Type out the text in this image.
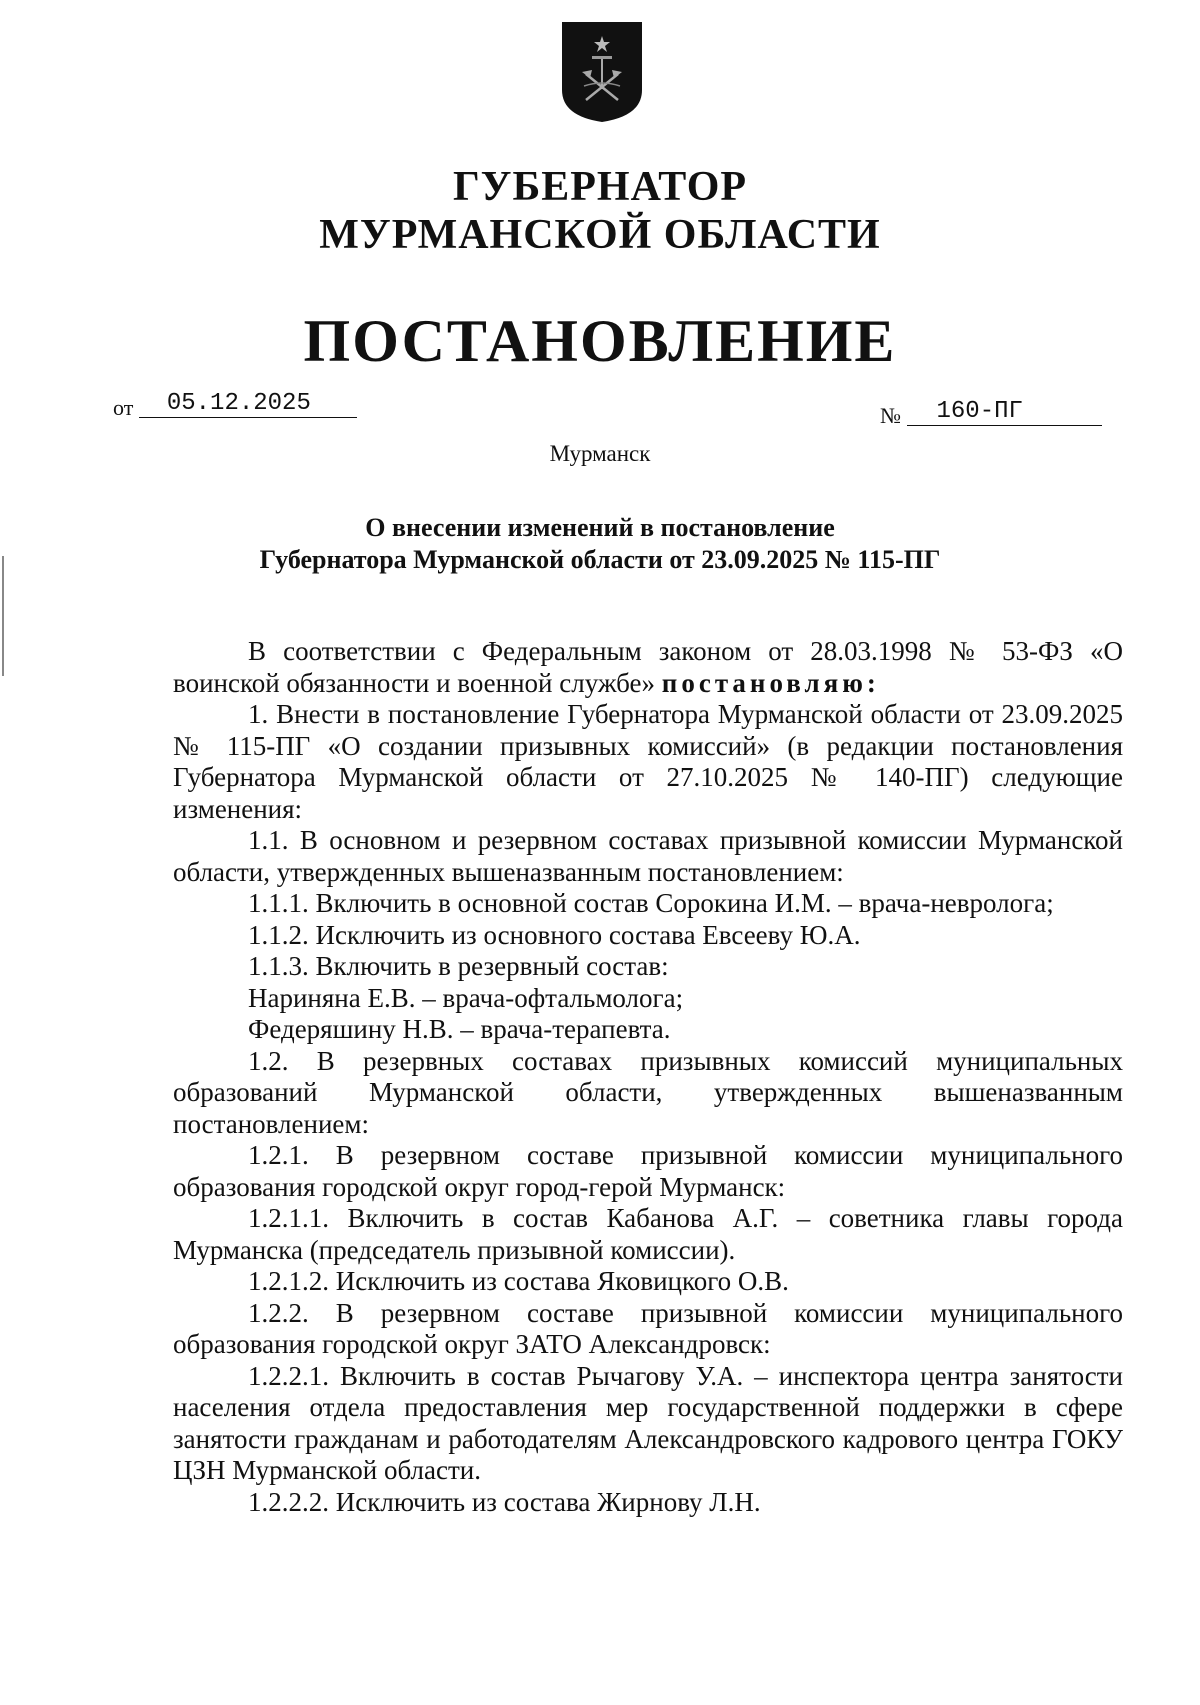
ГУБЕРНАТОР
МУРМАНСКОЙ ОБЛАСТИ
ПОСТАНОВЛЕНИЕ
от 05.12.2025	№ 160-ПГ
Мурманск
О внесении изменений в постановление
Губернатора Мурманской области от 23.09.2025 № 115-ПГ

В соответствии с Федеральным законом от 28.03.1998 № 53-ФЗ «О воинской обязанности и военной службе» постановляю:

1. Внести в постановление Губернатора Мурманской области от 23.09.2025 № 115-ПГ «О создании призывных комиссий» (в редакции постановления Губернатора Мурманской области от 27.10.2025 № 140-ПГ) следующие изменения:

1.1. В основном и резервном составах призывной комиссии Мурманской области, утвержденных вышеназванным постановлением:

1.1.1. Включить в основной состав Сорокина И.М. – врача-невролога;

1.1.2. Исключить из основного состава Евсееву Ю.А.

1.1.3. Включить в резервный состав:

Нариняна Е.В. – врача-офтальмолога;

Федеряшину Н.В. – врача-терапевта.

1.2. В резервных составах призывных комиссий муниципальных образований Мурманской области, утвержденных вышеназванным постановлением:

1.2.1. В резервном составе призывной комиссии муниципального образования городской округ город-герой Мурманск:

1.2.1.1. Включить в состав Кабанова А.Г. – советника главы города Мурманска (председатель призывной комиссии).

1.2.1.2. Исключить из состава Яковицкого О.В.

1.2.2. В резервном составе призывной комиссии муниципального образования городской округ ЗАТО Александровск:

1.2.2.1. Включить в состав Рычагову У.А. – инспектора центра занятости населения отдела предоставления мер государственной поддержки в сфере занятости гражданам и работодателям Александровского кадрового центра ГОКУ ЦЗН Мурманской области.

1.2.2.2. Исключить из состава Жирнову Л.Н.
